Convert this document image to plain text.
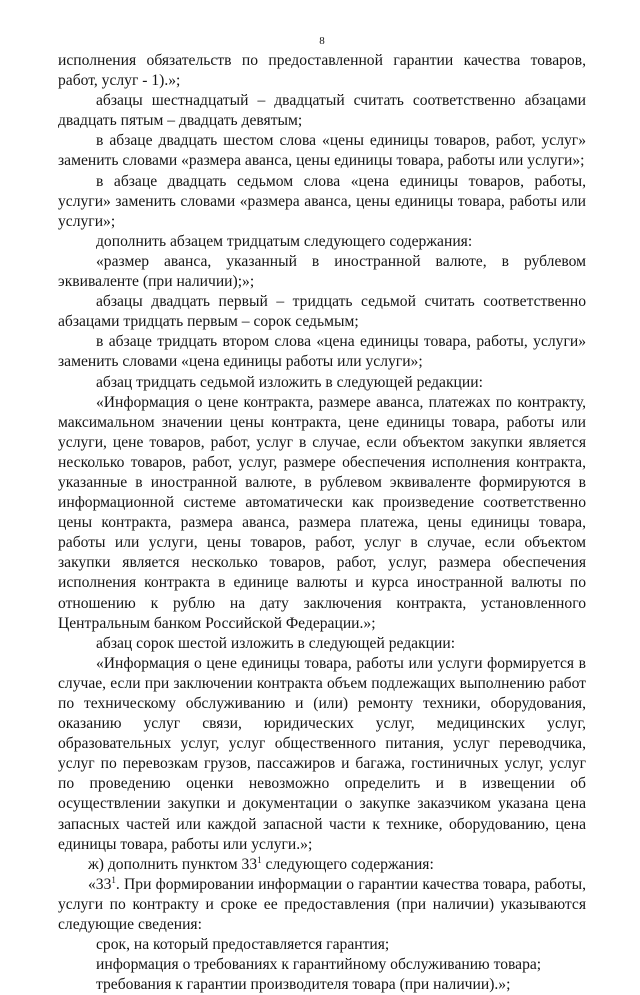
8

исполнения обязательств по предоставленной гарантии качества товаров, работ, услуг - 1).»;

абзацы шестнадцатый – двадцатый считать соответственно абзацами двадцать пятым – двадцать девятым;

в абзаце двадцать шестом слова «цены единицы товаров, работ, услуг» заменить словами «размера аванса, цены единицы товара, работы или услуги»;

в абзаце двадцать седьмом слова «цена единицы товаров, работы, услуги» заменить словами «размера аванса, цены единицы товара, работы или услуги»;

дополнить абзацем тридцатым следующего содержания:

«размер аванса, указанный в иностранной валюте, в рублевом эквиваленте (при наличии);»;

абзацы двадцать первый – тридцать седьмой считать соответственно абзацами тридцать первым – сорок седьмым;

в абзаце тридцать втором слова «цена единицы товара, работы, услуги» заменить словами «цена единицы работы или услуги»;

абзац тридцать седьмой изложить в следующей редакции:

«Информация о цене контракта, размере аванса, платежах по контракту, максимальном значении цены контракта, цене единицы товара, работы или услуги, цене товаров, работ, услуг в случае, если объектом закупки является несколько товаров, работ, услуг, размере обеспечения исполнения контракта, указанные в иностранной валюте, в рублевом эквиваленте формируются в информационной системе автоматически как произведение соответственно цены контракта, размера аванса, размера платежа, цены единицы товара, работы или услуги, цены товаров, работ, услуг в случае, если объектом закупки является несколько товаров, работ, услуг, размера обеспечения исполнения контракта в единице валюты и курса иностранной валюты по отношению к рублю на дату заключения контракта, установленного Центральным банком Российской Федерации.»;

абзац сорок шестой изложить в следующей редакции:

«Информация о цене единицы товара, работы или услуги формируется в случае, если при заключении контракта объем подлежащих выполнению работ по техническому обслуживанию и (или) ремонту техники, оборудования, оказанию услуг связи, юридических услуг, медицинских услуг, образовательных услуг, услуг общественного питания, услуг переводчика, услуг по перевозкам грузов, пассажиров и багажа, гостиничных услуг, услуг по проведению оценки невозможно определить и в извещении об осуществлении закупки и документации о закупке заказчиком указана цена запасных частей или каждой запасной части к технике, оборудованию, цена единицы товара, работы или услуги.»;

ж) дополнить пунктом $33^1$ следующего содержания:

«$33^1$. При формировании информации о гарантии качества товара, работы, услуги по контракту и сроке ее предоставления (при наличии) указываются следующие сведения:

срок, на который предоставляется гарантия;

информация о требованиях к гарантийному обслуживанию товара;

требования к гарантии производителя товара (при наличии).»;
